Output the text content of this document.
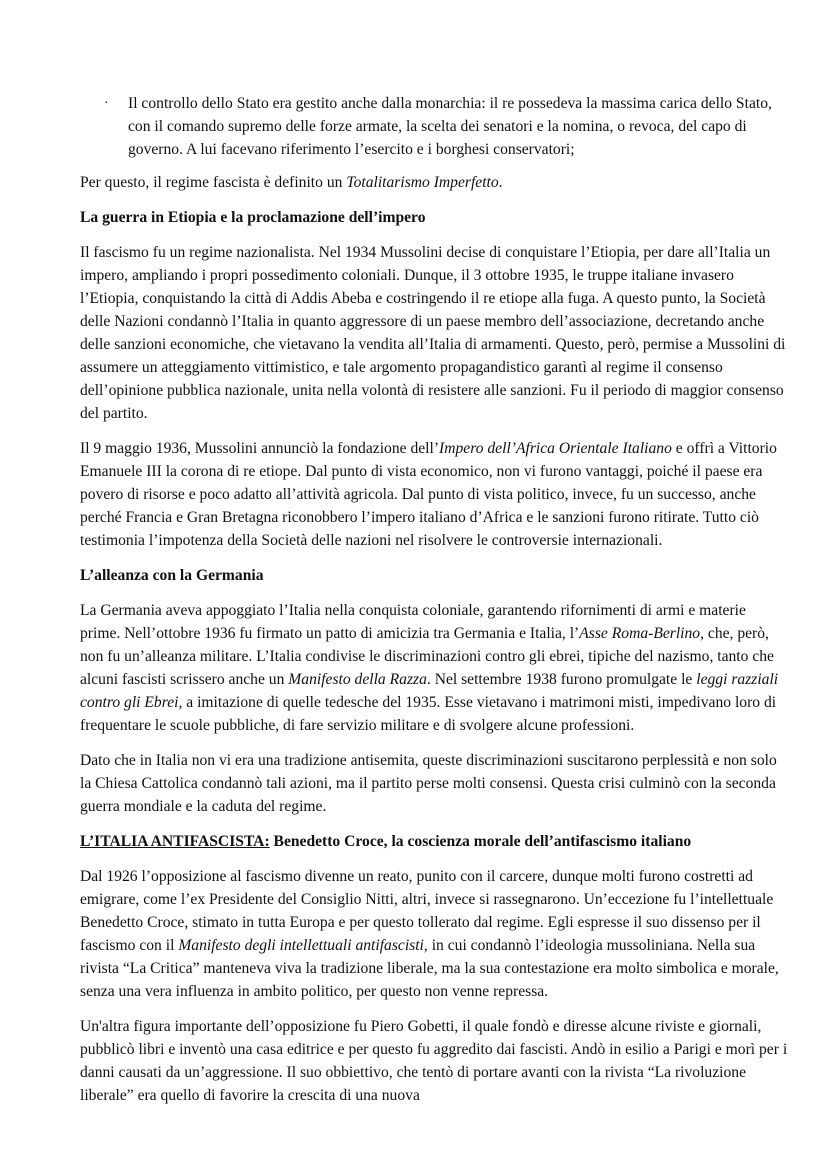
· Il controllo dello Stato era gestito anche dalla monarchia: il re possedeva la massima carica dello Stato, con il comando supremo delle forze armate, la scelta dei senatori e la nomina, o revoca, del capo di governo. A lui facevano riferimento l’esercito e i borghesi conservatori;

Per questo, il regime fascista è definito un Totalitarismo Imperfetto.

La guerra in Etiopia e la proclamazione dell’impero

Il fascismo fu un regime nazionalista. Nel 1934 Mussolini decise di conquistare l’Etiopia, per dare all’Italia un impero, ampliando i propri possedimento coloniali. Dunque, il 3 ottobre 1935, le truppe italiane invasero l’Etiopia, conquistando la città di Addis Abeba e costringendo il re etiope alla fuga. A questo punto, la Società delle Nazioni condannò l’Italia in quanto aggressore di un paese membro dell’associazione, decretando anche delle sanzioni economiche, che vietavano la vendita all’Italia di armamenti. Questo, però, permise a Mussolini di assumere un atteggiamento vittimistico, e tale argomento propagandistico garantì al regime il consenso dell’opinione pubblica nazionale, unita nella volontà di resistere alle sanzioni. Fu il periodo di maggior consenso del partito.

Il 9 maggio 1936, Mussolini annunciò la fondazione dell’Impero dell’Africa Orientale Italiano e offrì a Vittorio Emanuele III la corona di re etiope. Dal punto di vista economico, non vi furono vantaggi, poiché il paese era povero di risorse e poco adatto all’attività agricola. Dal punto di vista politico, invece, fu un successo, anche perché Francia e Gran Bretagna riconobbero l’impero italiano d’Africa e le sanzioni furono ritirate. Tutto ciò testimonia l’impotenza della Società delle nazioni nel risolvere le controversie internazionali.

L’alleanza con la Germania

La Germania aveva appoggiato l’Italia nella conquista coloniale, garantendo rifornimenti di armi e materie prime. Nell’ottobre 1936 fu firmato un patto di amicizia tra Germania e Italia, l’Asse Roma-Berlino, che, però, non fu un’alleanza militare. L’Italia condivise le discriminazioni contro gli ebrei, tipiche del nazismo, tanto che alcuni fascisti scrissero anche un Manifesto della Razza. Nel settembre 1938 furono promulgate le leggi razziali contro gli Ebrei, a imitazione di quelle tedesche del 1935. Esse vietavano i matrimoni misti, impedivano loro di frequentare le scuole pubbliche, di fare servizio militare e di svolgere alcune professioni.

Dato che in Italia non vi era una tradizione antisemita, queste discriminazioni suscitarono perplessità e non solo la Chiesa Cattolica condannò tali azioni, ma il partito perse molti consensi. Questa crisi culminò con la seconda guerra mondiale e la caduta del regime.

L’ITALIA ANTIFASCISTA: Benedetto Croce, la coscienza morale dell’antifascismo italiano

Dal 1926 l’opposizione al fascismo divenne un reato, punito con il carcere, dunque molti furono costretti ad emigrare, come l’ex Presidente del Consiglio Nitti, altri, invece si rassegnarono. Un’eccezione fu l’intellettuale Benedetto Croce, stimato in tutta Europa e per questo tollerato dal regime. Egli espresse il suo dissenso per il fascismo con il Manifesto degli intellettuali antifascisti, in cui condannò l’ideologia mussoliniana. Nella sua rivista “La Critica” manteneva viva la tradizione liberale, ma la sua contestazione era molto simbolica e morale, senza una vera influenza in ambito politico, per questo non venne repressa.

Un'altra figura importante dell’opposizione fu Piero Gobetti, il quale fondò e diresse alcune riviste e giornali, pubblicò libri e inventò una casa editrice e per questo fu aggredito dai fascisti. Andò in esilio a Parigi e morì per i danni causati da un’aggressione. Il suo obbiettivo, che tentò di portare avanti con la rivista “La rivoluzione liberale” era quello di favorire la crescita di una nuova
